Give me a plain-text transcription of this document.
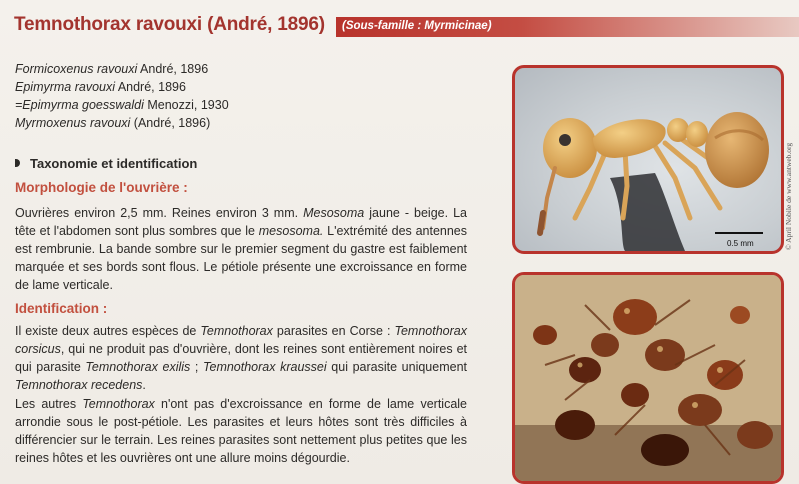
Temnothorax ravouxi (André, 1896) (Sous-famille : Myrmicinae)
Formicoxenus ravouxi André, 1896
Epimyrma ravouxi André, 1896
=Epimyrma goesswaldi Menozzi, 1930
Myrmoxenus ravouxi (André, 1896)
Taxonomie et identification
Morphologie de l'ouvrière :
Ouvrières environ 2,5 mm. Reines environ 3 mm. Mesosoma jaune - beige. La tête et l'abdomen sont plus sombres que le mesosoma. L'extrémité des antennes est rembrunie. La bande sombre sur le premier segment du gastre est faiblement marquée et ses bords sont flous. Le pétiole présente une excroissance en forme de lame verticale.
Identification :
Il existe deux autres espèces de Temnothorax parasites en Corse : Temnothorax corsicus, qui ne produit pas d'ouvrière, dont les reines sont entièrement noires et qui parasite Temnothorax exilis ; Temnothorax kraussei qui parasite uniquement Temnothorax recedens.
Les autres Temnothorax n'ont pas d'excroissance en forme de lame verticale arrondie sous le post-pétiole. Les parasites et leurs hôtes sont très difficiles à différencier sur le terrain. Les reines parasites sont nettement plus petites que les reines hôtes et les ouvrières ont une allure moins dégourdie.
0.5 mm	© April Nobile de www.antweb.org
